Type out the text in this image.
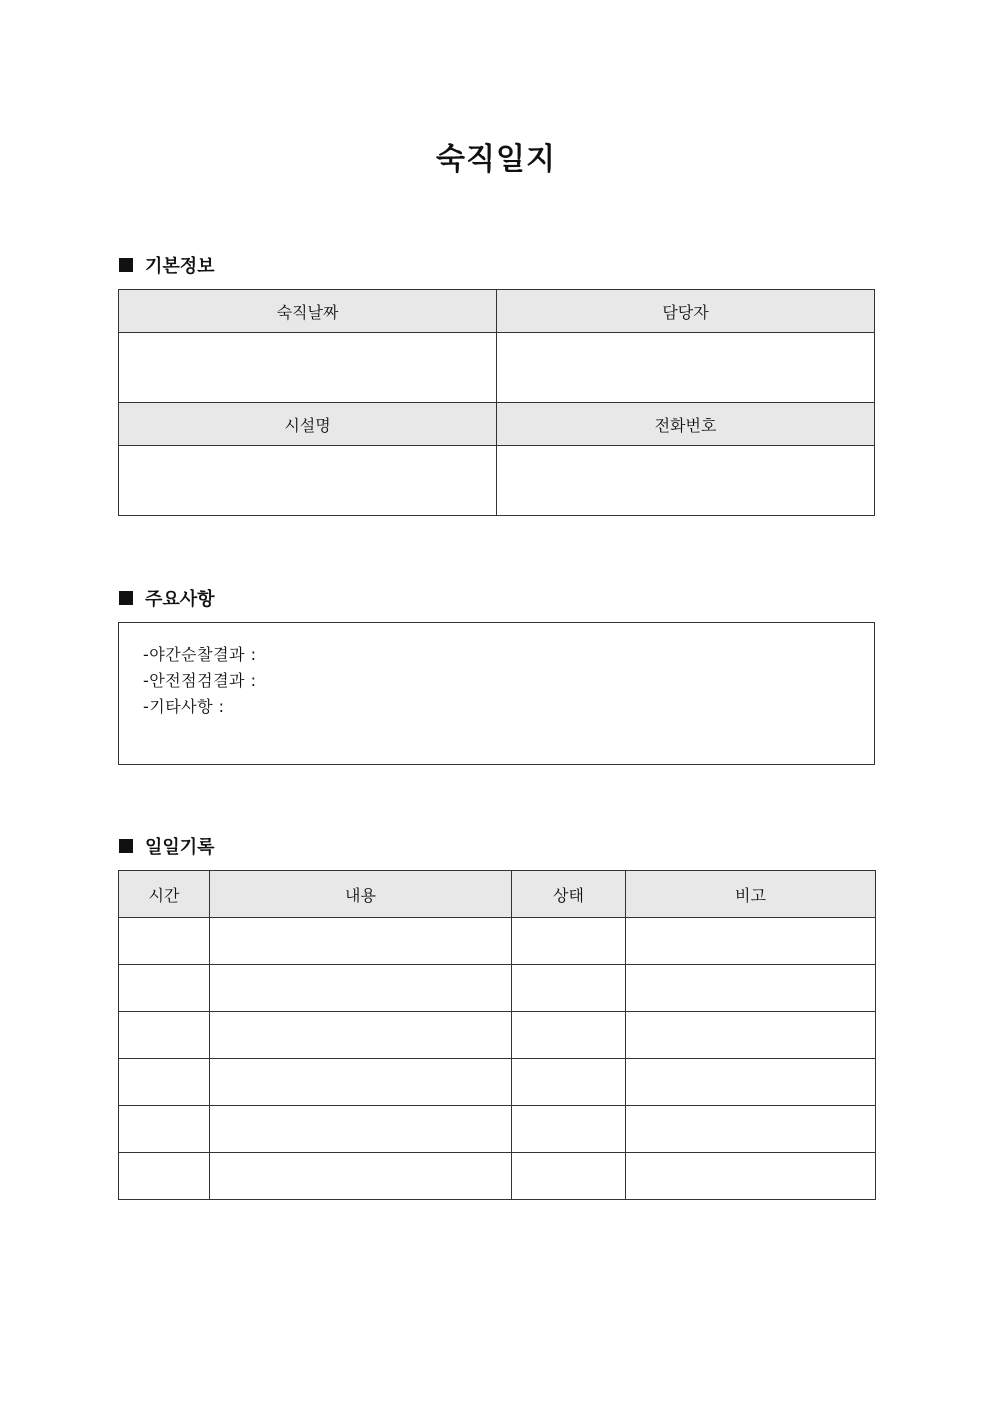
숙직일지
기본정보
숙직날짜	담당자

시설명	전화번호

주요사항
-야간순찰결과 :
-안전점검결과 :
-기타사항 :
일일기록
시간	내용	상태	비고
